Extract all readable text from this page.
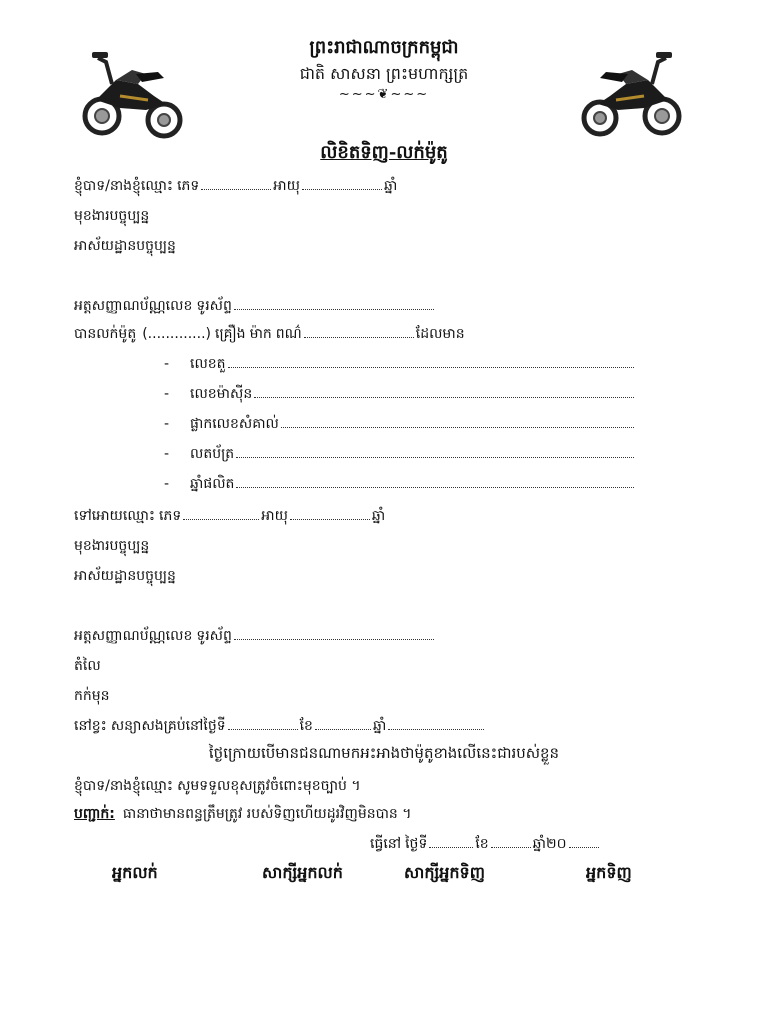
ព្រះរាជាណាចក្រកម្ពុជា
ជាតិ សាសនា ព្រះមហាក្សត្រ
~~~❦~~~
លិខិតទិញ-លក់ម៉ូតូ
ខ្ញុំបាទ/នាងខ្ញុំឈ្មោះ ភេទ	អាយុ	ឆ្នាំ
មុខងារបច្ចុប្បន្ន
អាស័យដ្ឋានបច្ចុប្បន្ន
អត្តសញ្ញាណប័ណ្ណលេខ ទូរស័ព្ទ
បានលក់ម៉ូតូ (.............) គ្រឿង ម៉ាក ពណ៌	ដែលមាន
-	លេខតួ
-	លេខម៉ាស៊ីន
-	ផ្លាកលេខសំគាល់
-	លតប័ត្រ
-	ឆ្នាំផលិត
ទៅអោយឈ្មោះ ភេទ	អាយុ	ឆ្នាំ
មុខងារបច្ចុប្បន្ន
អាស័យដ្ឋានបច្ចុប្បន្ន
អត្តសញ្ញាណប័ណ្ណលេខ ទូរស័ព្ទ
តំលៃ
កក់មុន
នៅខ្វះ សន្យាសងគ្រប់នៅថ្ងៃទី	ខែ	ឆ្នាំ
ថ្ងៃក្រោយបើមានជនណាមកអះអាងថាម៉ូតូខាងលើនេះជារបស់ខ្លួន
ខ្ញុំបាទ/នាងខ្ញុំឈ្មោះ សូមទទួលខុសត្រូវចំពោះមុខច្បាប់ ។
បញ្ជាក់: ធានាថាមានពន្ធត្រឹមត្រូវ របស់ទិញហើយដូរវិញមិនបាន ។
ធ្វើនៅ ថ្ងៃទី	ខែ	ឆ្នាំ២០
អ្នកលក់	សាក្សីអ្នកលក់	សាក្សីអ្នកទិញ	អ្នកទិញ
